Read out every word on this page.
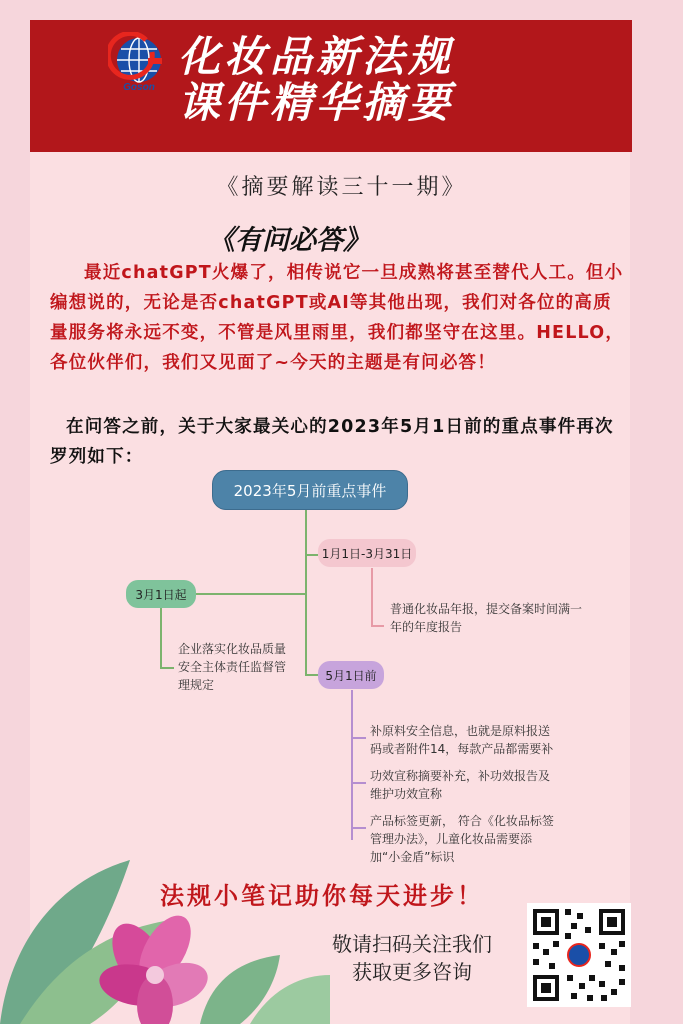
Goson
化妆品新法规
课件精华摘要
《摘要解读三十一期》
《有问必答》

最近chatGPT火爆了，相传说它一旦成熟将甚至替代人工。但小编想说的，无论是否chatGPT或AI等其他出现，我们对各位的高质量服务将永远不变，不管是风里雨里，我们都坚守在这里。HELLO，各位伙伴们，我们又见面了~今天的主题是有问必答！

在问答之前，关于大家最关心的2023年5月1日前的重点事件再次罗列如下：

2023年5月前重点事件
1月1日-3月31日
3月1日起
5月1日前
普通化妆品年报，提交备案时间满一年的年度报告
企业落实化妆品质量安全主体责任监督管理规定
补原料安全信息，也就是原料报送码或者附件14，每款产品都需要补
功效宣称摘要补充，补功效报告及维护功效宣称
产品标签更新， 符合《化妆品标签管理办法》，儿童化妆品需要添加“小金盾”标识
法规小笔记助你每天进步！
敬请扫码关注我们
获取更多咨询
